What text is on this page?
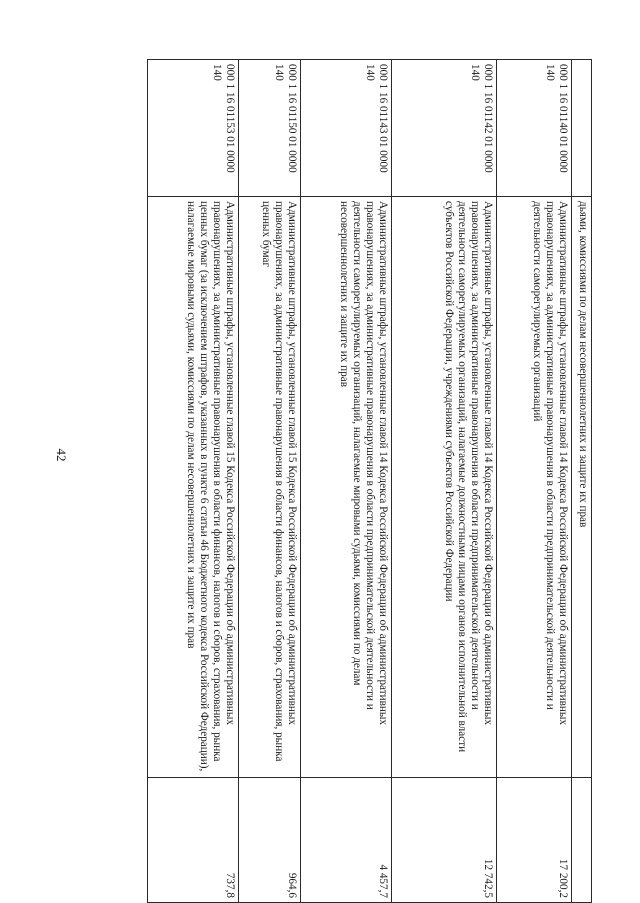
42
		дьями, комиссиями по делам несовершеннолетних и защите их прав	
000 1 16 01140 01 0000 140	Административные штрафы, установленные главой 14 Кодекса Российской Федерации об административных правонарушениях, за административные правонарушения в области предпринимательской деятельности и деятельности саморегулируемых организаций	17 200,2
000 1 16 01142 01 0000 140	Административные штрафы, установленные главой 14 Кодекса Российской Федерации об административных правонарушениях, за административные правонарушения в области предпринимательской деятельности и деятельности саморегулируемых организаций, налагаемые должностными лицами органов исполнительной власти субъектов Российской Федерации, учреждениями субъектов Российской Федерации	12 742,5
000 1 16 01143 01 0000 140	Административные штрафы, установленные главой 14 Кодекса Российской Федерации об административных правонарушениях, за административные правонарушения в области предпринимательской деятельности и деятельности саморегулируемых организаций, налагаемые мировыми судьями, комиссиями по делам несовершеннолетних и защите их прав	4 457,7
000 1 16 01150 01 0000 140	Административные штрафы, установленные главой 15 Кодекса Российской Федерации об административных правонарушениях, за административные правонарушения в области финансов, налогов и сборов, страхования, рынка ценных бумаг	964,6
000 1 16 01153 01 0000 140	Административные штрафы, установленные главой 15 Кодекса Российской Федерации об административных правонарушениях, за административные правонарушения в области финансов, налогов и сборов, страхования, рынка ценных бумаг (за исключением штрафов, указанных в пункте 6 статьи 46 Бюджетного кодекса Российской Федерации), налагаемые мировыми судьями, комиссиями по делам несовершеннолетних и защите их прав	737,8
